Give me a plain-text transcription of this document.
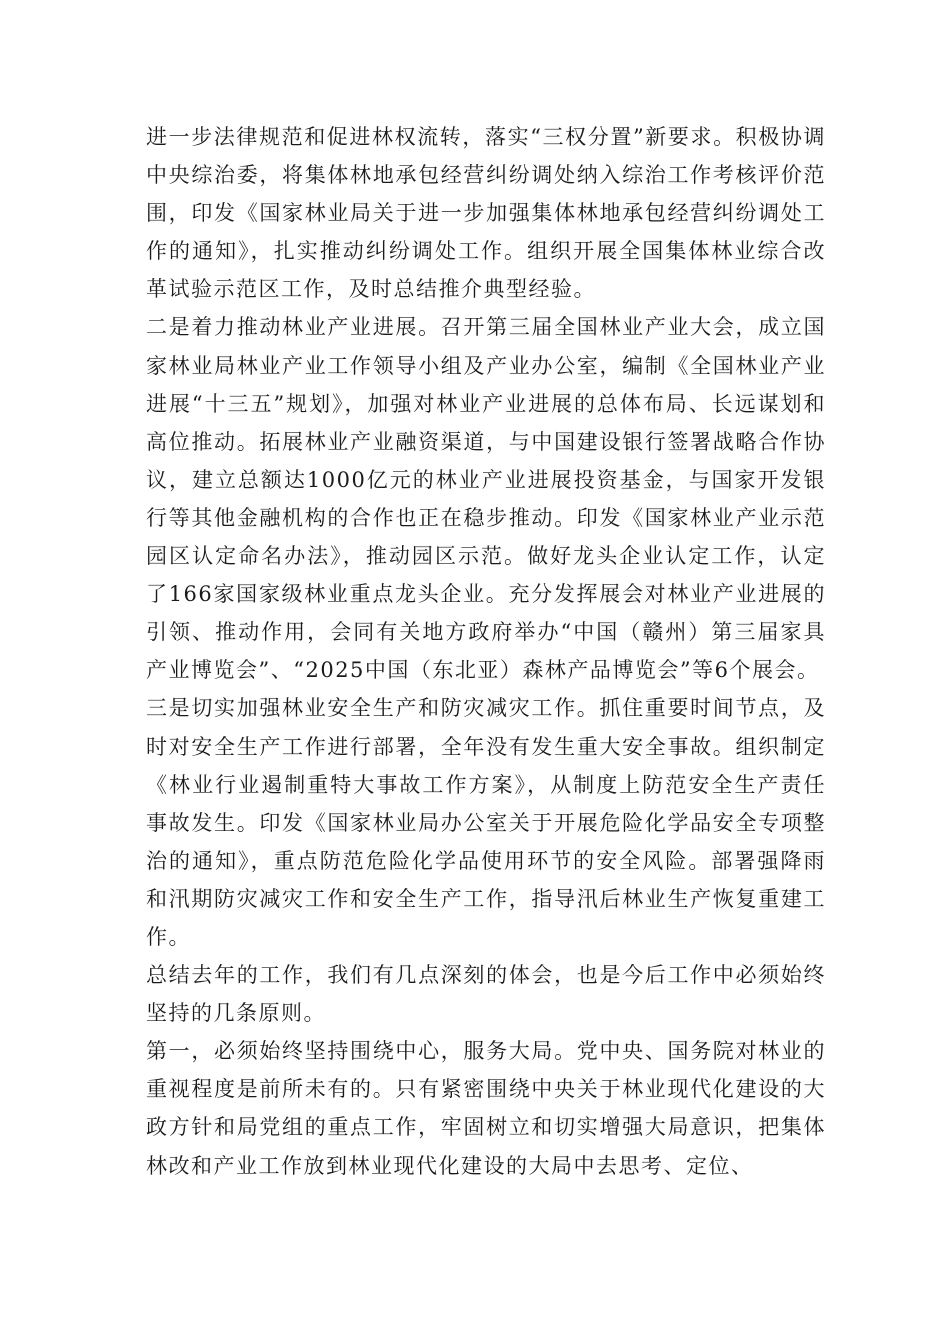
进一步法律规范和促进林权流转，落实“三权分置”新要求。积极协调中央综治委，将集体林地承包经营纠纷调处纳入综治工作考核评价范围，印发《国家林业局关于进一步加强集体林地承包经营纠纷调处工作的通知》，扎实推动纠纷调处工作。组织开展全国集体林业综合改革试验示范区工作，及时总结推介典型经验。

二是着力推动林业产业进展。召开第三届全国林业产业大会，成立国家林业局林业产业工作领导小组及产业办公室，编制《全国林业产业进展“十三五”规划》，加强对林业产业进展的总体布局、长远谋划和高位推动。拓展林业产业融资渠道，与中国建设银行签署战略合作协议，建立总额达1000亿元的林业产业进展投资基金，与国家开发银行等其他金融机构的合作也正在稳步推动。印发《国家林业产业示范园区认定命名办法》，推动园区示范。做好龙头企业认定工作，认定了166家国家级林业重点龙头企业。充分发挥展会对林业产业进展的引领、推动作用，会同有关地方政府举办“中国（赣州）第三届家具产业博览会”、“2025中国（东北亚）森林产品博览会”等6个展会。

三是切实加强林业安全生产和防灾减灾工作。抓住重要时间节点，及时对安全生产工作进行部署，全年没有发生重大安全事故。组织制定《林业行业遏制重特大事故工作方案》，从制度上防范安全生产责任事故发生。印发《国家林业局办公室关于开展危险化学品安全专项整治的通知》，重点防范危险化学品使用环节的安全风险。部署强降雨和汛期防灾减灾工作和安全生产工作，指导汛后林业生产恢复重建工作。

总结去年的工作，我们有几点深刻的体会，也是今后工作中必须始终坚持的几条原则。

第一，必须始终坚持围绕中心，服务大局。党中央、国务院对林业的重视程度是前所未有的。只有紧密围绕中央关于林业现代化建设的大政方针和局党组的重点工作，牢固树立和切实增强大局意识，把集体林改和产业工作放到林业现代化建设的大局中去思考、定位、
